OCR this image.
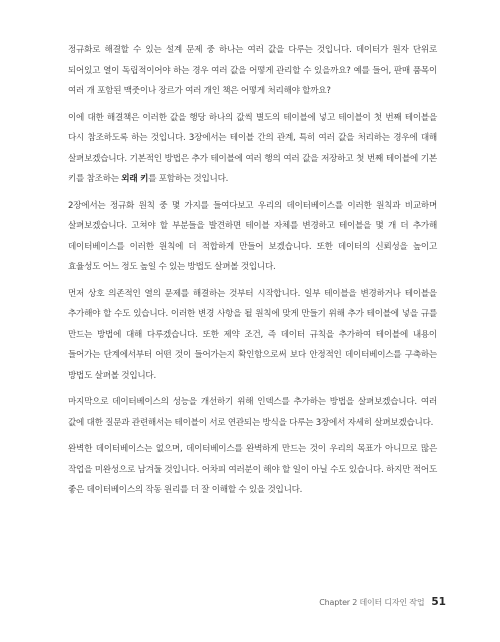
정규화로 해결할 수 있는 설계 문제 중 하나는 여러 값을 다루는 것입니다. 데이터가 원자 단위로 되어있고 열이 독립적이어야 하는 경우 여러 값을 어떻게 관리할 수 있을까요? 예를 들어, 판매 품목이 여러 개 포함된 맥줏이나 장르가 여러 개인 책은 어떻게 처리해야 할까요?

이에 대한 해결책은 이러한 값을 행당 하나의 값씩 별도의 테이블에 넣고 테이블이 첫 번째 테이블을 다시 참조하도록 하는 것입니다. 3장에서는 테이블 간의 관계, 특히 여러 값을 처리하는 경우에 대해 살펴보겠습니다. 기본적인 방법은 추가 테이블에 여러 행의 여러 값을 저장하고 첫 번째 테이블에 기본 키를 참조하는 외래 키를 포함하는 것입니다.

2장에서는 정규화 원칙 중 몇 가지를 들여다보고 우리의 데이터베이스를 이러한 원칙과 비교하며 살펴보겠습니다. 고쳐야 할 부분들을 발견하면 테이블 자체를 변경하고 테이블을 몇 개 더 추가해 데이터베이스를 이러한 원칙에 더 적합하게 만들어 보겠습니다. 또한 데이터의 신뢰성을 높이고 효율성도 어느 정도 높일 수 있는 방법도 살펴볼 것입니다.

먼저 상호 의존적인 열의 문제를 해결하는 것부터 시작합니다. 일부 테이블을 변경하거나 테이블을 추가해야 할 수도 있습니다. 이러한 변경 사항을 될 원칙에 맞게 만들기 위해 추가 테이블에 넣을 규를 만드는 방법에 대해 다루겠습니다. 또한 제약 조건, 즉 데이터 규칙을 추가하여 테이블에 내용이 들어가는 단계에서부터 어떤 것이 들어가는지 확인함으로써 보다 안정적인 데이터베이스를 구축하는 방법도 살펴볼 것입니다.

마지막으로 데이터베이스의 성능을 개선하기 위해 인덱스를 추가하는 방법을 살펴보겠습니다. 여러 값에 대한 질문과 관련해서는 테이블이 서로 연관되는 방식을 다루는 3장에서 자세히 살펴보겠습니다.

완벽한 데이터베이스는 없으며, 데이터베이스를 완벽하게 만드는 것이 우리의 목표가 아니므로 많은 작업을 미완성으로 남겨둘 것입니다. 어차피 여러분이 해야 할 일이 아닐 수도 있습니다. 하지만 적어도 좋은 데이터베이스의 작동 원리를 더 잘 이해할 수 있을 것입니다.

Chapter 2 데이터 디자인 작업 51
